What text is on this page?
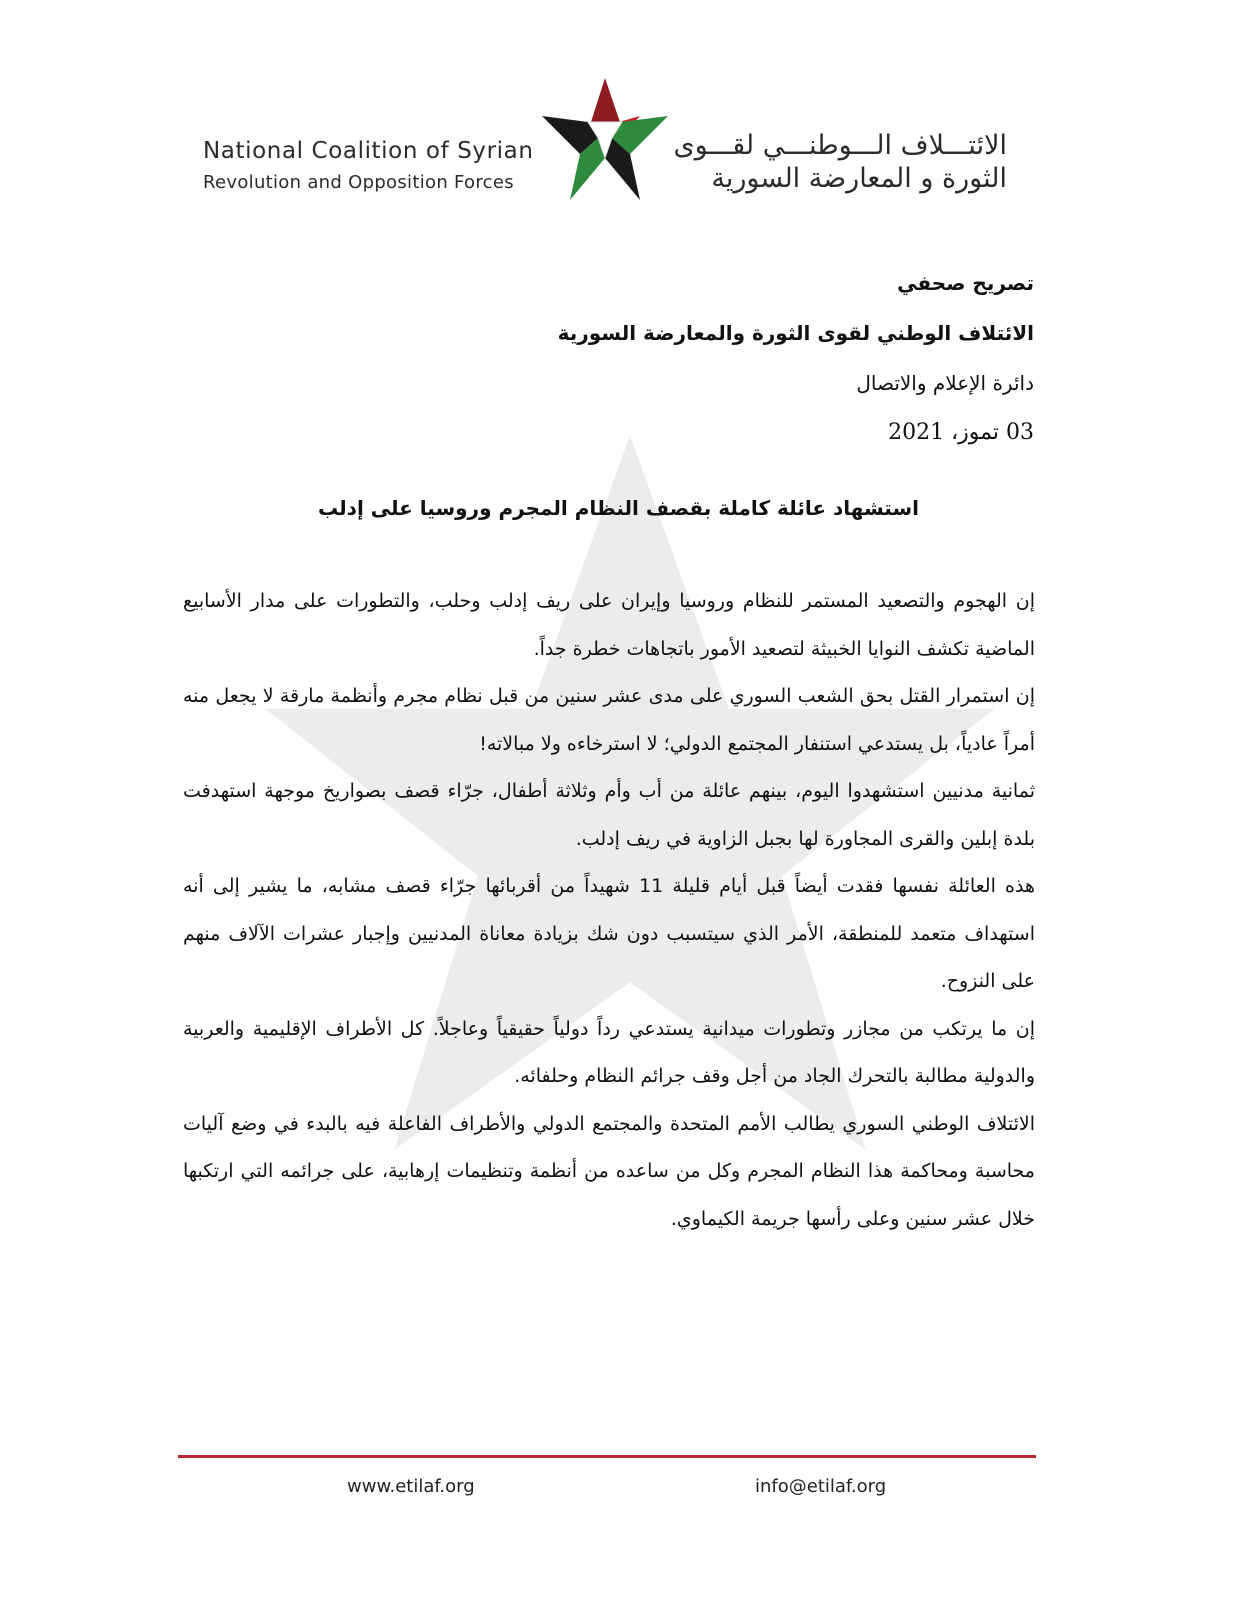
National Coalition of Syrian
Revolution and Opposition Forces
الائتـــلاف الـــوطنـــي لقـــوى
الثورة و المعارضة السورية
تصريح صحفي
الائتلاف الوطني لقوى الثورة والمعارضة السورية
دائرة الإعلام والاتصال
03 تموز، 2021
استشهاد عائلة كاملة بقصف النظام المجرم وروسيا على إدلب

إن الهجوم والتصعيد المستمر للنظام وروسيا وإيران على ريف إدلب وحلب، والتطورات على مدار الأسابيع الماضية تكشف النوايا الخبيثة لتصعيد الأمور باتجاهات خطرة جداً.

إن استمرار القتل بحق الشعب السوري على مدى عشر سنين من قبل نظام مجرم وأنظمة مارقة لا يجعل منه أمراً عادياً، بل يستدعي استنفار المجتمع الدولي؛ لا استرخاءه ولا مبالاته!

ثمانية مدنيين استشهدوا اليوم، بينهم عائلة من أب وأم وثلاثة أطفال، جرّاء قصف بصواريخ موجهة استهدفت بلدة إبلين والقرى المجاورة لها بجبل الزاوية في ريف إدلب.

هذه العائلة نفسها فقدت أيضاً قبل أيام قليلة 11 شهيداً من أقربائها جرّاء قصف مشابه، ما يشير إلى أنه استهداف متعمد للمنطقة، الأمر الذي سيتسبب دون شك بزيادة معاناة المدنيين وإجبار عشرات الآلاف منهم على النزوح.

إن ما يرتكب من مجازر وتطورات ميدانية يستدعي رداً دولياً حقيقياً وعاجلاً. كل الأطراف الإقليمية والعربية والدولية مطالبة بالتحرك الجاد من أجل وقف جرائم النظام وحلفائه.

الائتلاف الوطني السوري يطالب الأمم المتحدة والمجتمع الدولي والأطراف الفاعلة فيه بالبدء في وضع آليات محاسبة ومحاكمة هذا النظام المجرم وكل من ساعده من أنظمة وتنظيمات إرهابية، على جرائمه التي ارتكبها خلال عشر سنين وعلى رأسها جريمة الكيماوي.

www.etilaf.org	info@etilaf.org
